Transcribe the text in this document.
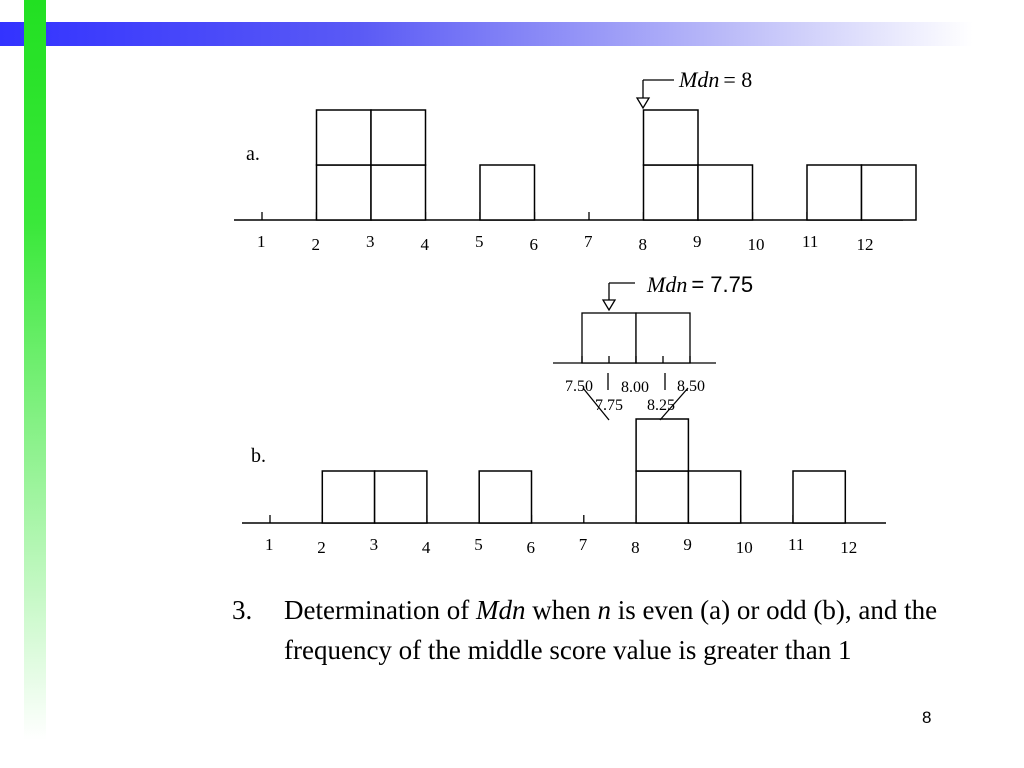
a.
1	2	3	4	5	6	7	8	9	10 11 12
Mdn = 8
b.
1	2	3	4	5	6	7	8	9	10 11 12
7.50 8.00 8.50
7.75 8.25
Mdn = 7.75
3. Determination of Mdn when n is even (a) or odd (b), and the frequency of the middle score value is greater than 1
8
